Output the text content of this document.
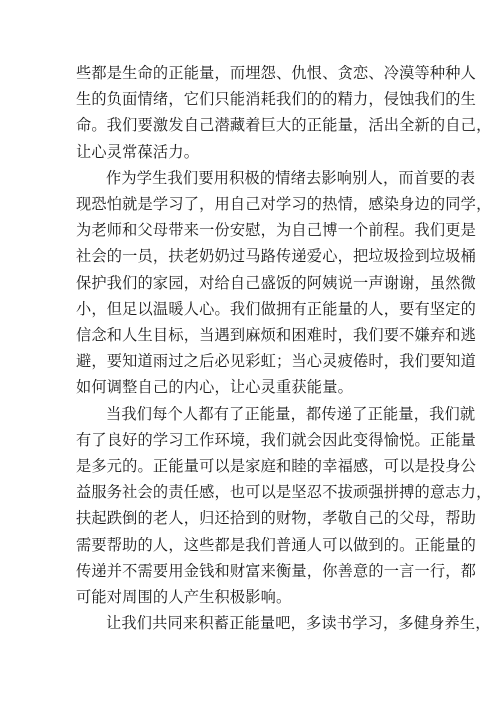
些都是生命的正能量，而埋怨、仇恨、贪恋、冷漠等种种人
生的负面情绪，它们只能消耗我们的的精力，侵蚀我们的生
命。我们要激发自己潜藏着巨大的正能量，活出全新的自己，
让心灵常葆活力。

作为学生我们要用积极的情绪去影响别人，而首要的表
现恐怕就是学习了，用自己对学习的热情，感染身边的同学，
为老师和父母带来一份安慰，为自己博一个前程。我们更是
社会的一员，扶老奶奶过马路传递爱心，把垃圾捡到垃圾桶
保护我们的家园，对给自己盛饭的阿姨说一声谢谢，虽然微
小，但足以温暖人心。我们做拥有正能量的人，要有坚定的
信念和人生目标，当遇到麻烦和困难时，我们要不嫌弃和逃
避，要知道雨过之后必见彩虹；当心灵疲倦时，我们要知道
如何调整自己的内心，让心灵重获能量。

当我们每个人都有了正能量，都传递了正能量，我们就
有了良好的学习工作环境，我们就会因此变得愉悦。正能量
是多元的。正能量可以是家庭和睦的幸福感，可以是投身公
益服务社会的责任感，也可以是坚忍不拔顽强拼搏的意志力，
扶起跌倒的老人，归还拾到的财物，孝敬自己的父母，帮助
需要帮助的人，这些都是我们普通人可以做到的。正能量的
传递并不需要用金钱和财富来衡量，你善意的一言一行，都
可能对周围的人产生积极影响。

让我们共同来积蓄正能量吧，多读书学习，多健身养生，
